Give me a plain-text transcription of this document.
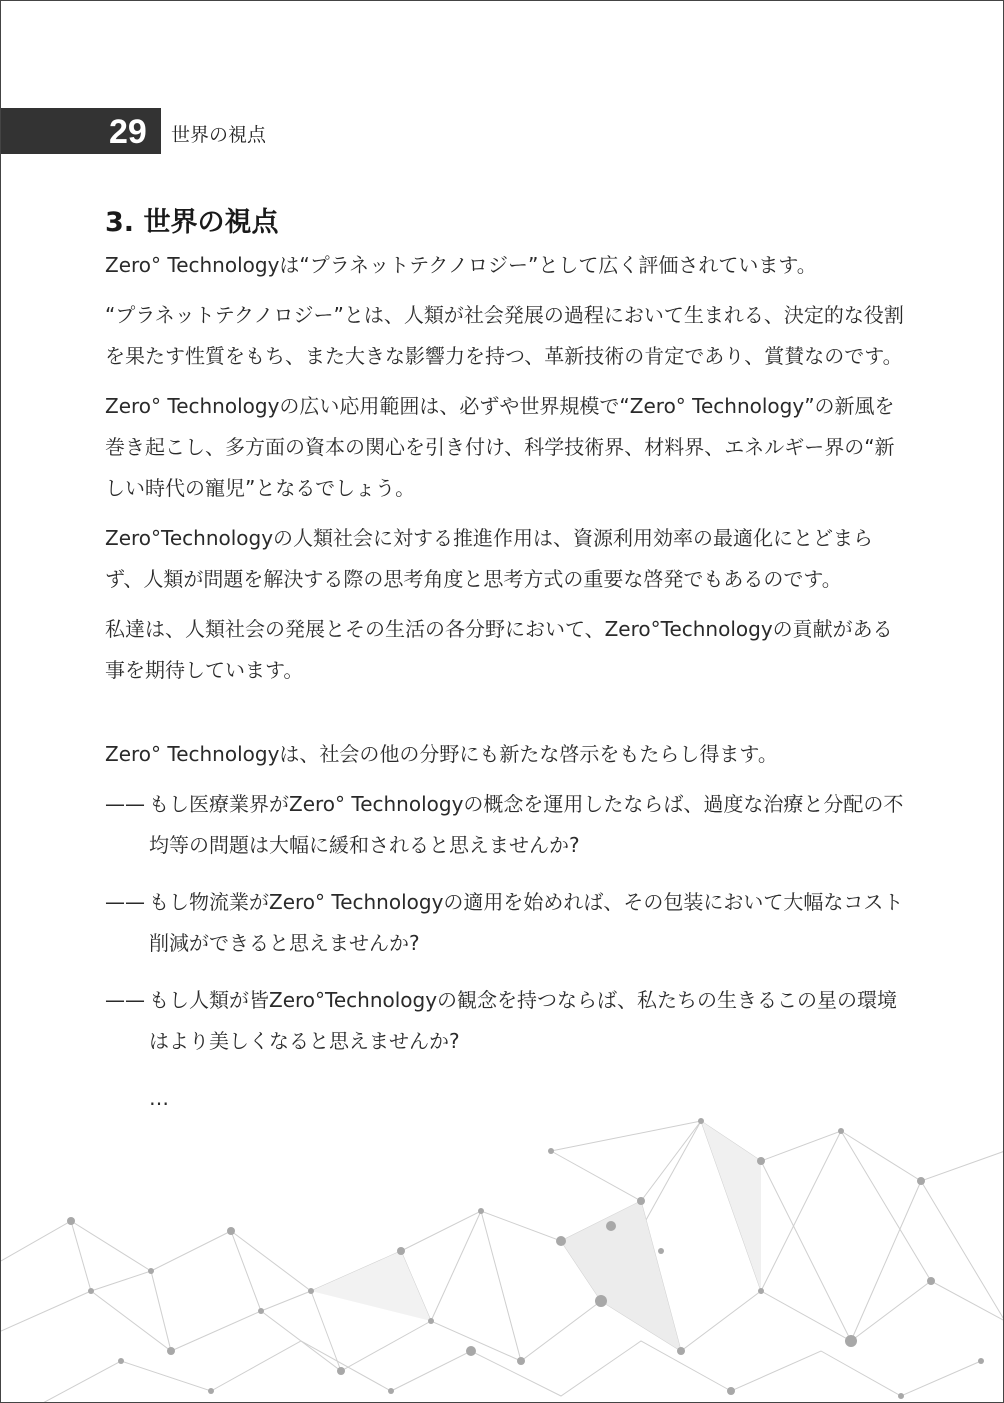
29 世界の視点
3. 世界の視点

Zero° Technologyは“プラネットテクノロジー”として広く評価されています。

“プラネットテクノロジー”とは、人類が社会発展の過程において生まれる、決定的な役割を果たす性質をもち、また大きな影響力を持つ、革新技術の肯定であり、賞賛なのです。

Zero° Technologyの広い応用範囲は、必ずや世界規模で“Zero° Technology”の新風を巻き起こし、多方面の資本の関心を引き付け、科学技術界、材料界、エネルギー界の“新しい時代の寵児”となるでしょう。

Zero°Technologyの人類社会に対する推進作用は、資源利用効率の最適化にとどまらず、人類が問題を解決する際の思考角度と思考方式の重要な啓発でもあるのです。

私達は、人類社会の発展とその生活の各分野において、Zero°Technologyの貢献がある事を期待しています。

Zero° Technologyは、社会の他の分野にも新たな啓示をもたらし得ます。

—— もし医療業界がZero° Technologyの概念を運用したならば、過度な治療と分配の不均等の問題は大幅に緩和されると思えませんか?
—— もし物流業がZero° Technologyの適用を始めれば、その包装において大幅なコスト削減ができると思えませんか?
—— もし人類が皆Zero°Technologyの観念を持つならば、私たちの生きるこの星の環境はより美しくなると思えませんか?
…
